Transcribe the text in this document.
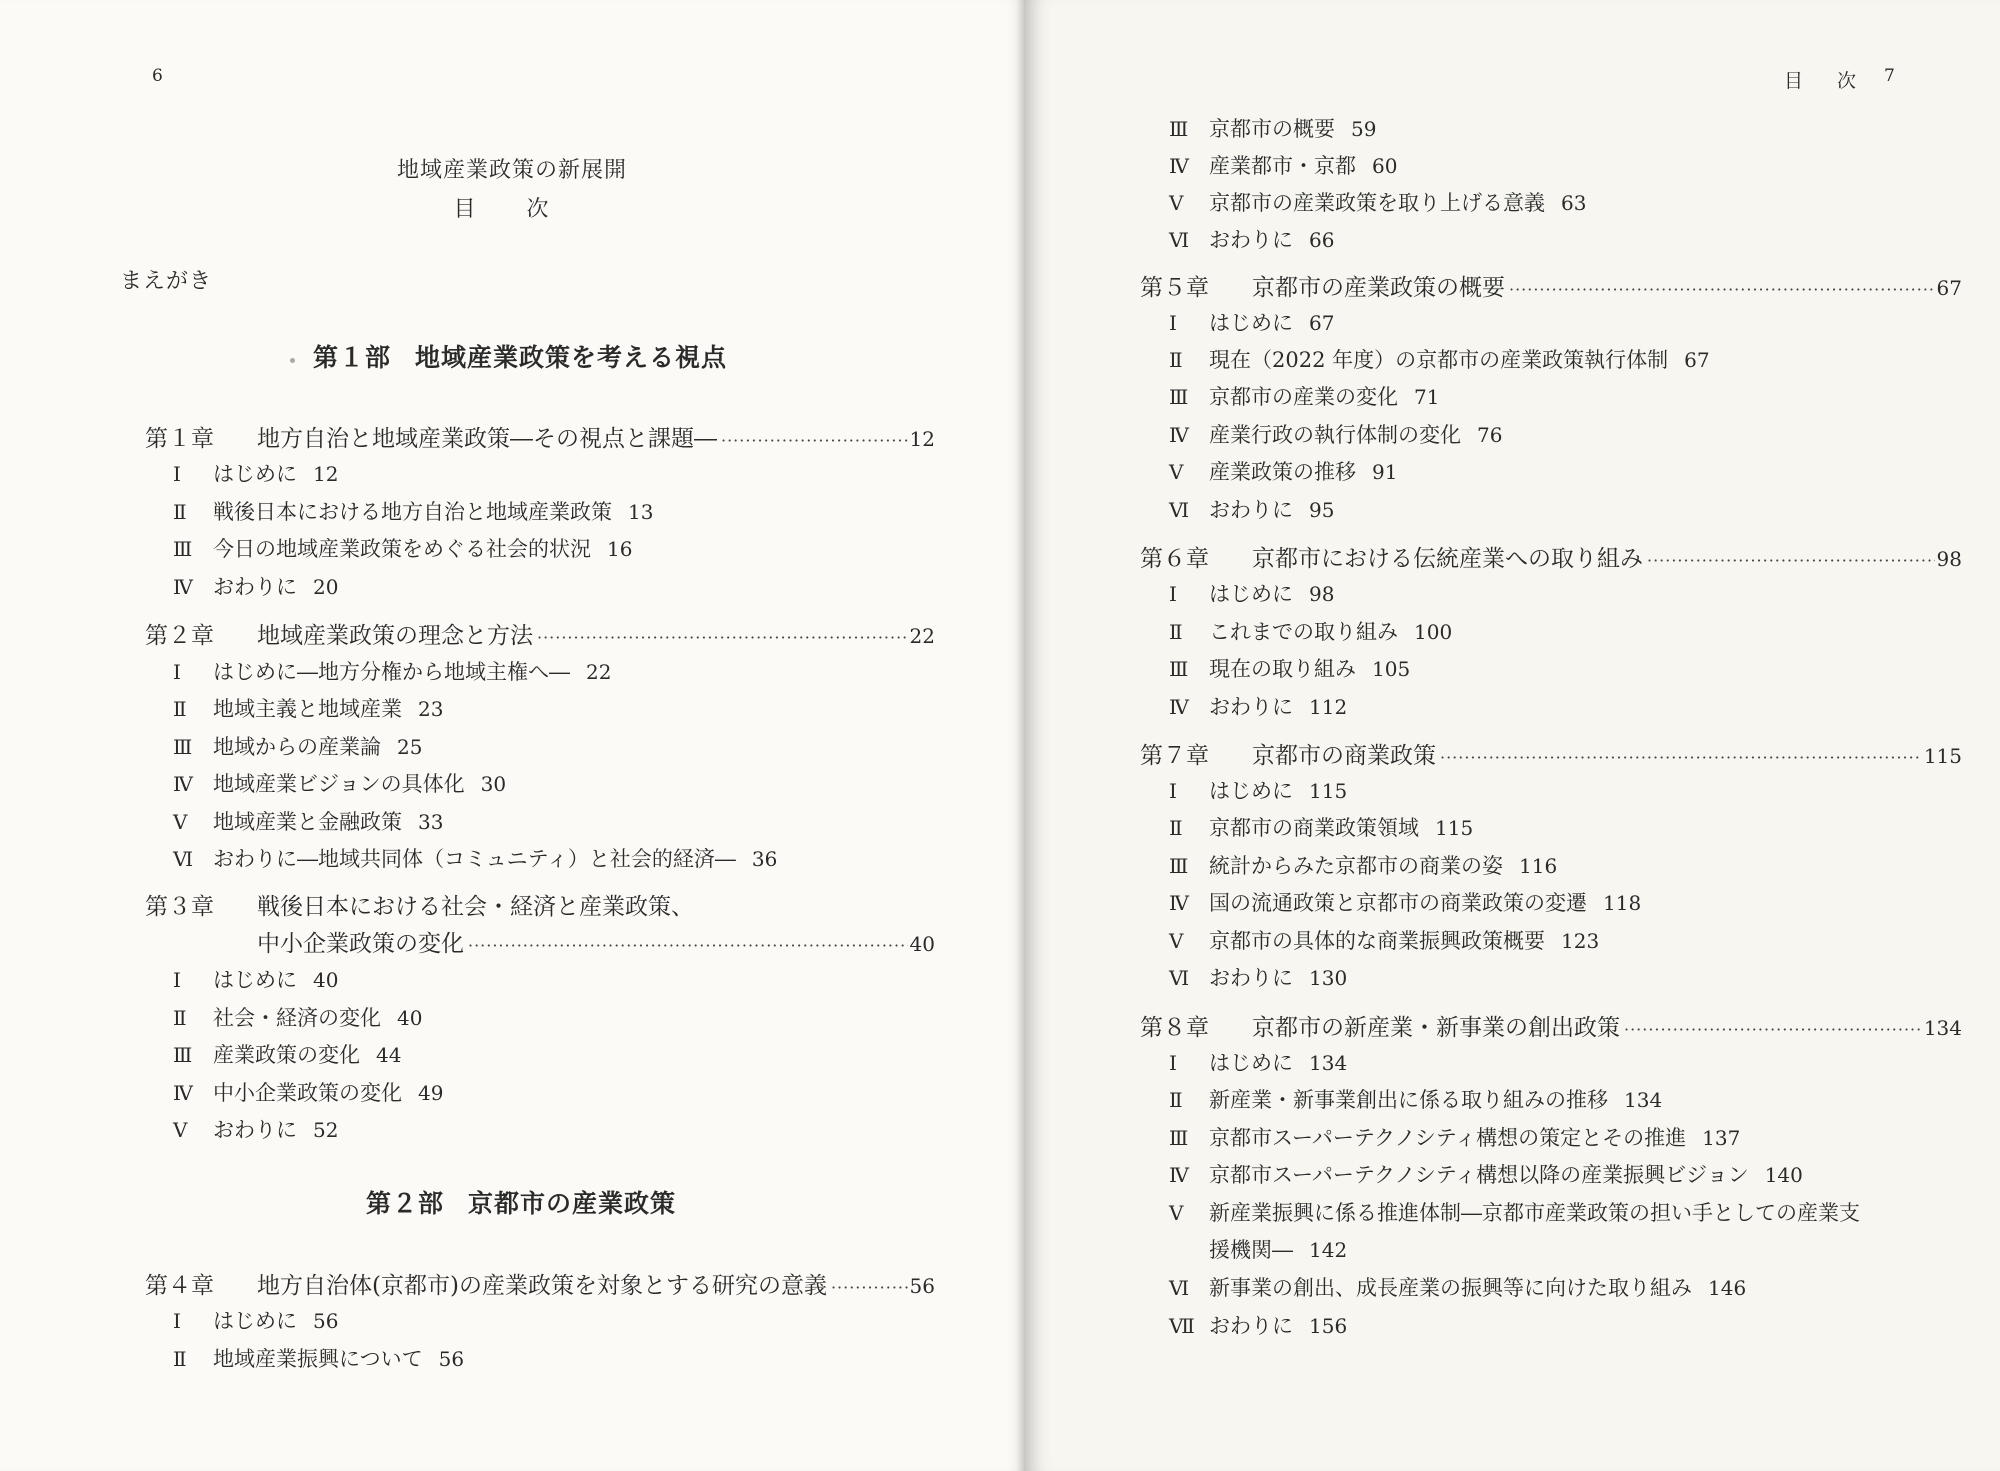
6
地域産業政策の新展開
目 次
まえがき
第１部 地域産業政策を考える視点
第１章	地方自治と地域産業政策―その視点と課題― ·····	12
Ⅰ はじめに 12
Ⅱ 戦後日本における地方自治と地域産業政策 13
Ⅲ 今日の地域産業政策をめぐる社会的状況 16
Ⅳ おわりに 20
第２章	地域産業政策の理念と方法 ·····	22
Ⅰ はじめに―地方分権から地域主権へ― 22
Ⅱ 地域主義と地域産業 23
Ⅲ 地域からの産業論 25
Ⅳ 地域産業ビジョンの具体化 30
Ⅴ 地域産業と金融政策 33
Ⅵ おわりに―地域共同体（コミュニティ）と社会的経済― 36
第３章	戦後日本における社会・経済と産業政策、
中小企業政策の変化 ·····	40
Ⅰ はじめに 40
Ⅱ 社会・経済の変化 40
Ⅲ 産業政策の変化 44
Ⅳ 中小企業政策の変化 49
Ⅴ おわりに 52
第２部 京都市の産業政策
第４章	地方自治体(京都市)の産業政策を対象とする研究の意義 ·····	56
Ⅰ はじめに 56
Ⅱ 地域産業振興について 56
目 次 7
Ⅲ 京都市の概要 59
Ⅳ 産業都市・京都 60
Ⅴ 京都市の産業政策を取り上げる意義 63
Ⅵ おわりに 66
第５章	京都市の産業政策の概要 ·····	67
Ⅰ はじめに 67
Ⅱ 現在（2022 年度）の京都市の産業政策執行体制 67
Ⅲ 京都市の産業の変化 71
Ⅳ 産業行政の執行体制の変化 76
Ⅴ 産業政策の推移 91
Ⅵ おわりに 95
第６章	京都市における伝統産業への取り組み ·····	98
Ⅰ はじめに 98
Ⅱ これまでの取り組み 100
Ⅲ 現在の取り組み 105
Ⅳ おわりに 112
第７章	京都市の商業政策 ·····	115
Ⅰ はじめに 115
Ⅱ 京都市の商業政策領域 115
Ⅲ 統計からみた京都市の商業の姿 116
Ⅳ 国の流通政策と京都市の商業政策の変遷 118
Ⅴ 京都市の具体的な商業振興政策概要 123
Ⅵ おわりに 130
第８章	京都市の新産業・新事業の創出政策 ·····	134
Ⅰ はじめに 134
Ⅱ 新産業・新事業創出に係る取り組みの推移 134
Ⅲ 京都市スーパーテクノシティ構想の策定とその推進 137
Ⅳ 京都市スーパーテクノシティ構想以降の産業振興ビジョン 140
Ⅴ 新産業振興に係る推進体制―京都市産業政策の担い手としての産業支
援機関― 142
Ⅵ 新事業の創出、成長産業の振興等に向けた取り組み 146
Ⅶ おわりに 156
